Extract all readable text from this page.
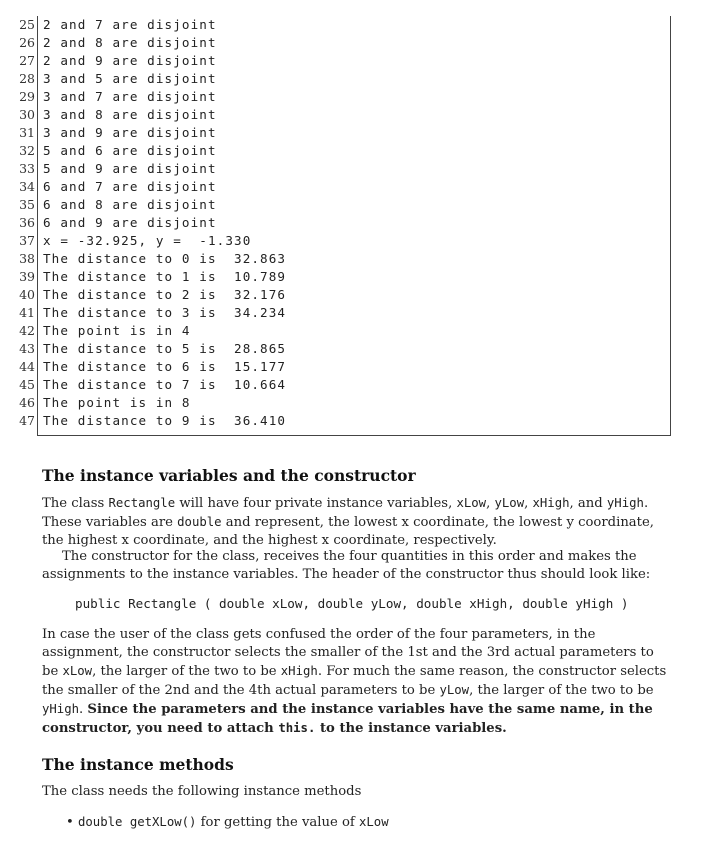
25 2 and 7 are disjoint
26 2 and 8 are disjoint
27 2 and 9 are disjoint
28 3 and 5 are disjoint
29 3 and 7 are disjoint
30 3 and 8 are disjoint
31 3 and 9 are disjoint
32 5 and 6 are disjoint
33 5 and 9 are disjoint
34 6 and 7 are disjoint
35 6 and 8 are disjoint
36 6 and 9 are disjoint
37 x = -32.925, y =  -1.330
38 The distance to 0 is  32.863
39 The distance to 1 is  10.789
40 The distance to 2 is  32.176
41 The distance to 3 is  34.234
42 The point is in 4
43 The distance to 5 is  28.865
44 The distance to 6 is  15.177
45 The distance to 7 is  10.664
46 The point is in 8
47 The distance to 9 is  36.410
The instance variables and the constructor

The class Rectangle will have four private instance variables, xLow, yLow, xHigh, and yHigh. These variables are double and represent, the lowest x coordinate, the lowest y coordinate, the highest x coordinate, and the highest x coordinate, respectively.

The constructor for the class, receives the four quantities in this order and makes the assignments to the instance variables. The header of the constructor thus should look like:

public Rectangle ( double xLow, double yLow, double xHigh, double yHigh )

In case the user of the class gets confused the order of the four parameters, in the assignment, the constructor selects the smaller of the 1st and the 3rd actual parameters to be xLow, the larger of the two to be xHigh. For much the same reason, the constructor selects the smaller of the 2nd and the 4th actual parameters to be yLow, the larger of the two to be yHigh. Since the parameters and the instance variables have the same name, in the constructor, you need to attach this. to the instance variables.

The instance methods

The class needs the following instance methods

• double getXLow() for getting the value of xLow
